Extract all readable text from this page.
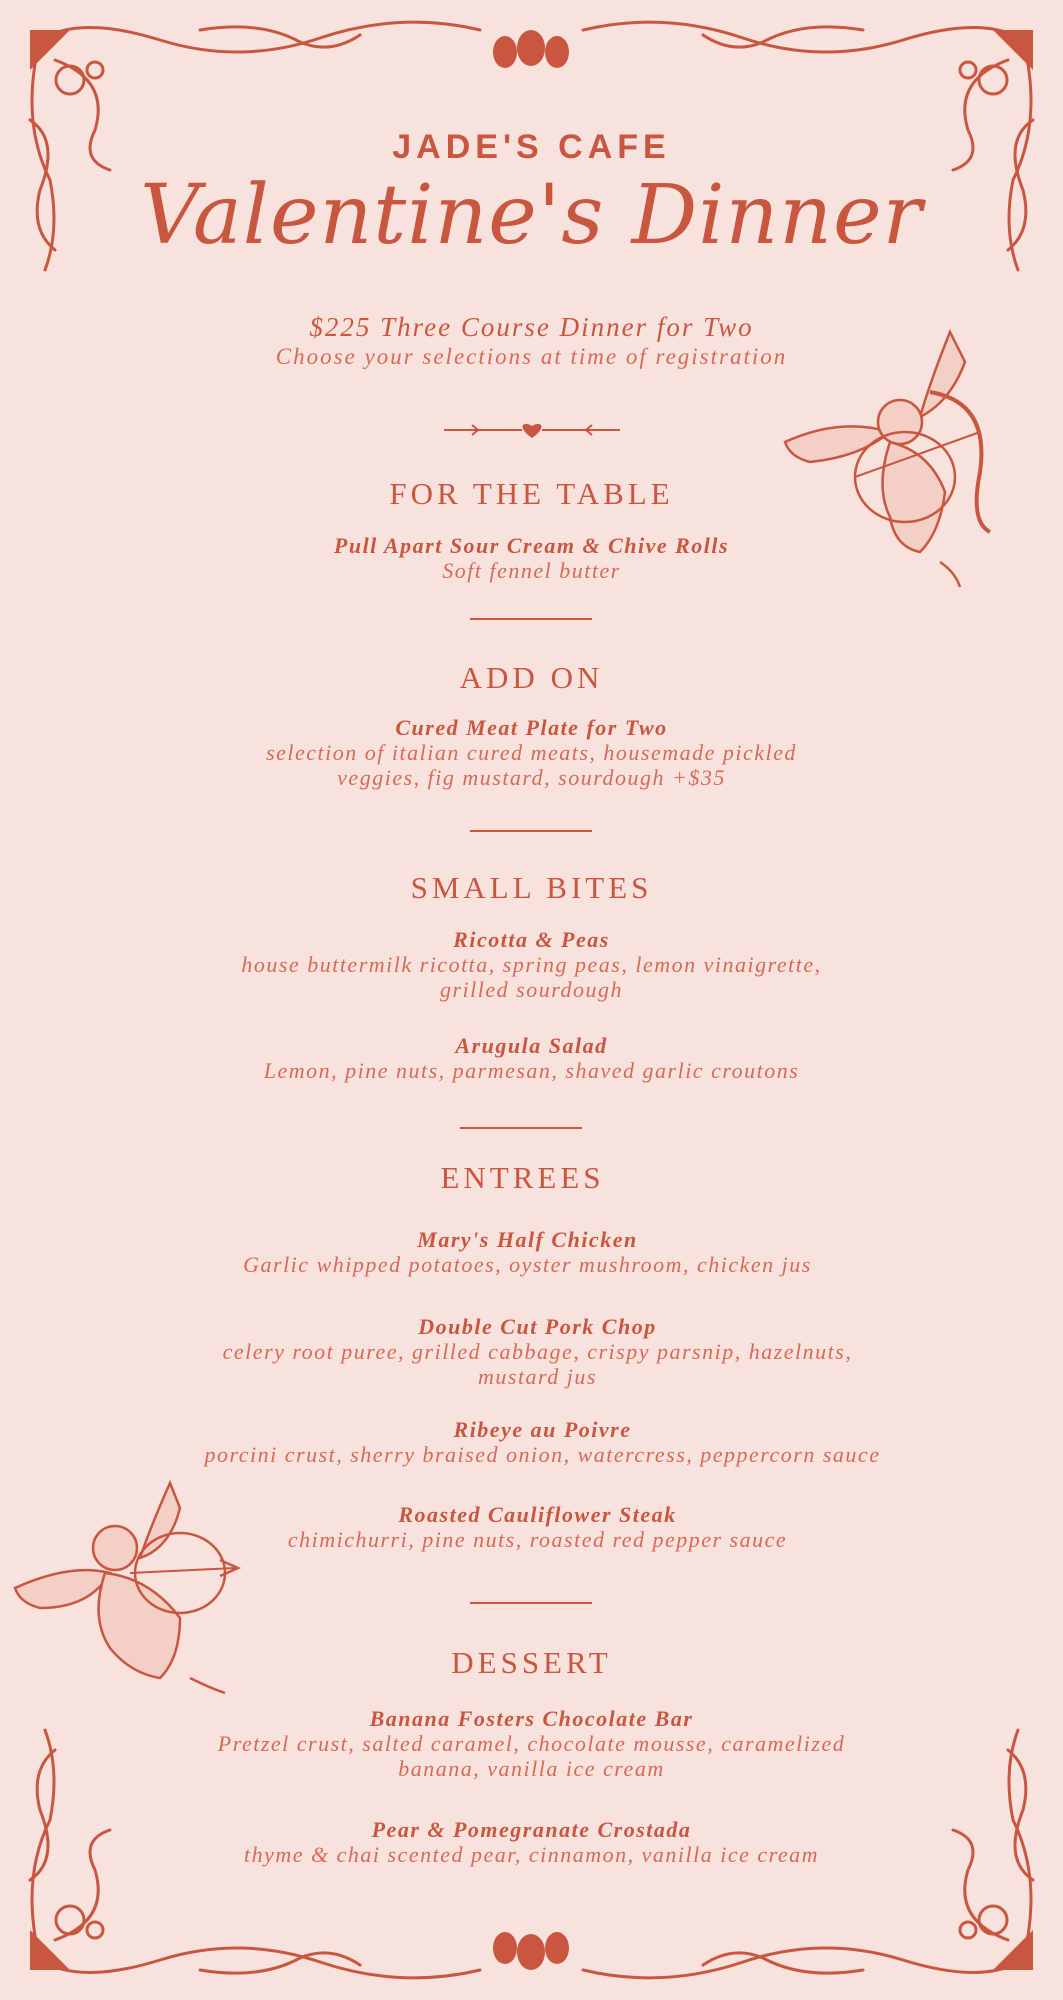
JADE'S CAFE
Valentine's Dinner
$225 Three Course Dinner for Two
Choose your selections at time of registration
FOR THE TABLE
Pull Apart Sour Cream & Chive Rolls
Soft fennel butter
ADD ON
Cured Meat Plate for Two
selection of italian cured meats, housemade pickled
veggies, fig mustard, sourdough +$35
SMALL BITES
Ricotta & Peas
house buttermilk ricotta, spring peas, lemon vinaigrette,
grilled sourdough
Arugula Salad
Lemon, pine nuts, parmesan, shaved garlic croutons
ENTREES
Mary's Half Chicken
Garlic whipped potatoes, oyster mushroom, chicken jus
Double Cut Pork Chop
celery root puree, grilled cabbage, crispy parsnip, hazelnuts,
mustard jus
Ribeye au Poivre
porcini crust, sherry braised onion, watercress, peppercorn sauce
Roasted Cauliflower Steak
chimichurri, pine nuts, roasted red pepper sauce
DESSERT
Banana Fosters Chocolate Bar
Pretzel crust, salted caramel, chocolate mousse, caramelized
banana, vanilla ice cream
Pear & Pomegranate Crostada
thyme & chai scented pear, cinnamon, vanilla ice cream
